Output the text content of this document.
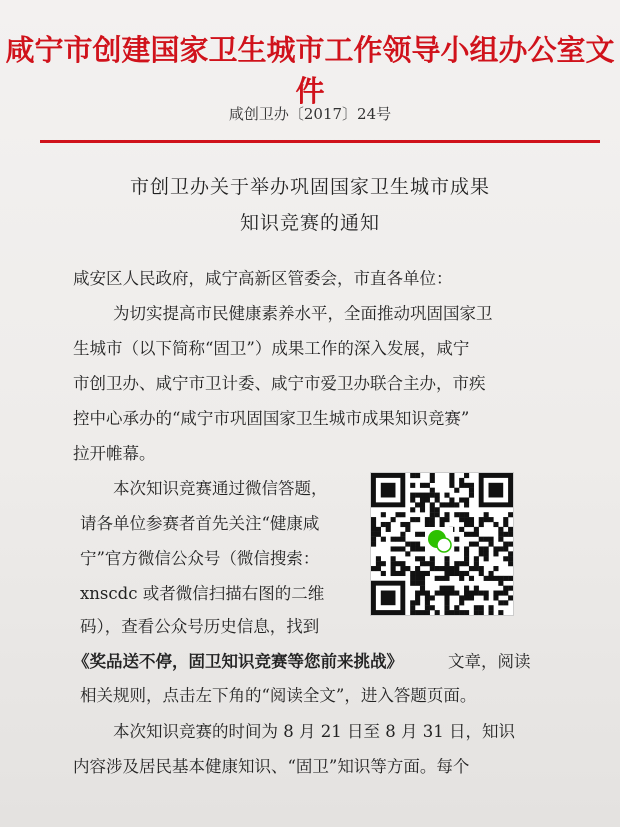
咸宁市创建国家卫生城市工作领导小组办公室文件
咸创卫办〔2017〕24号
市创卫办关于举办巩固国家卫生城市成果
知识竞赛的通知
咸安区人民政府，咸宁高新区管委会，市直各单位：
为切实提高市民健康素养水平，全面推动巩固国家卫
生城市（以下简称“固卫”）成果工作的深入发展，咸宁
市创卫办、咸宁市卫计委、咸宁市爱卫办联合主办，市疾
控中心承办的“咸宁市巩固国家卫生城市成果知识竞赛”
拉开帷幕。
本次知识竞赛通过微信答题，
请各单位参赛者首先关注“健康咸
宁”官方微信公众号（微信搜索：
xnscdc 或者微信扫描右图的二维
码），查看公众号历史信息，找到
《奖品送不停，固卫知识竞赛等您前来挑战》	文章，阅读
相关规则，点击左下角的“阅读全文”，进入答题页面。
本次知识竞赛的时间为 8 月 21 日至 8 月 31 日，知识
内容涉及居民基本健康知识、“固卫”知识等方面。每个
